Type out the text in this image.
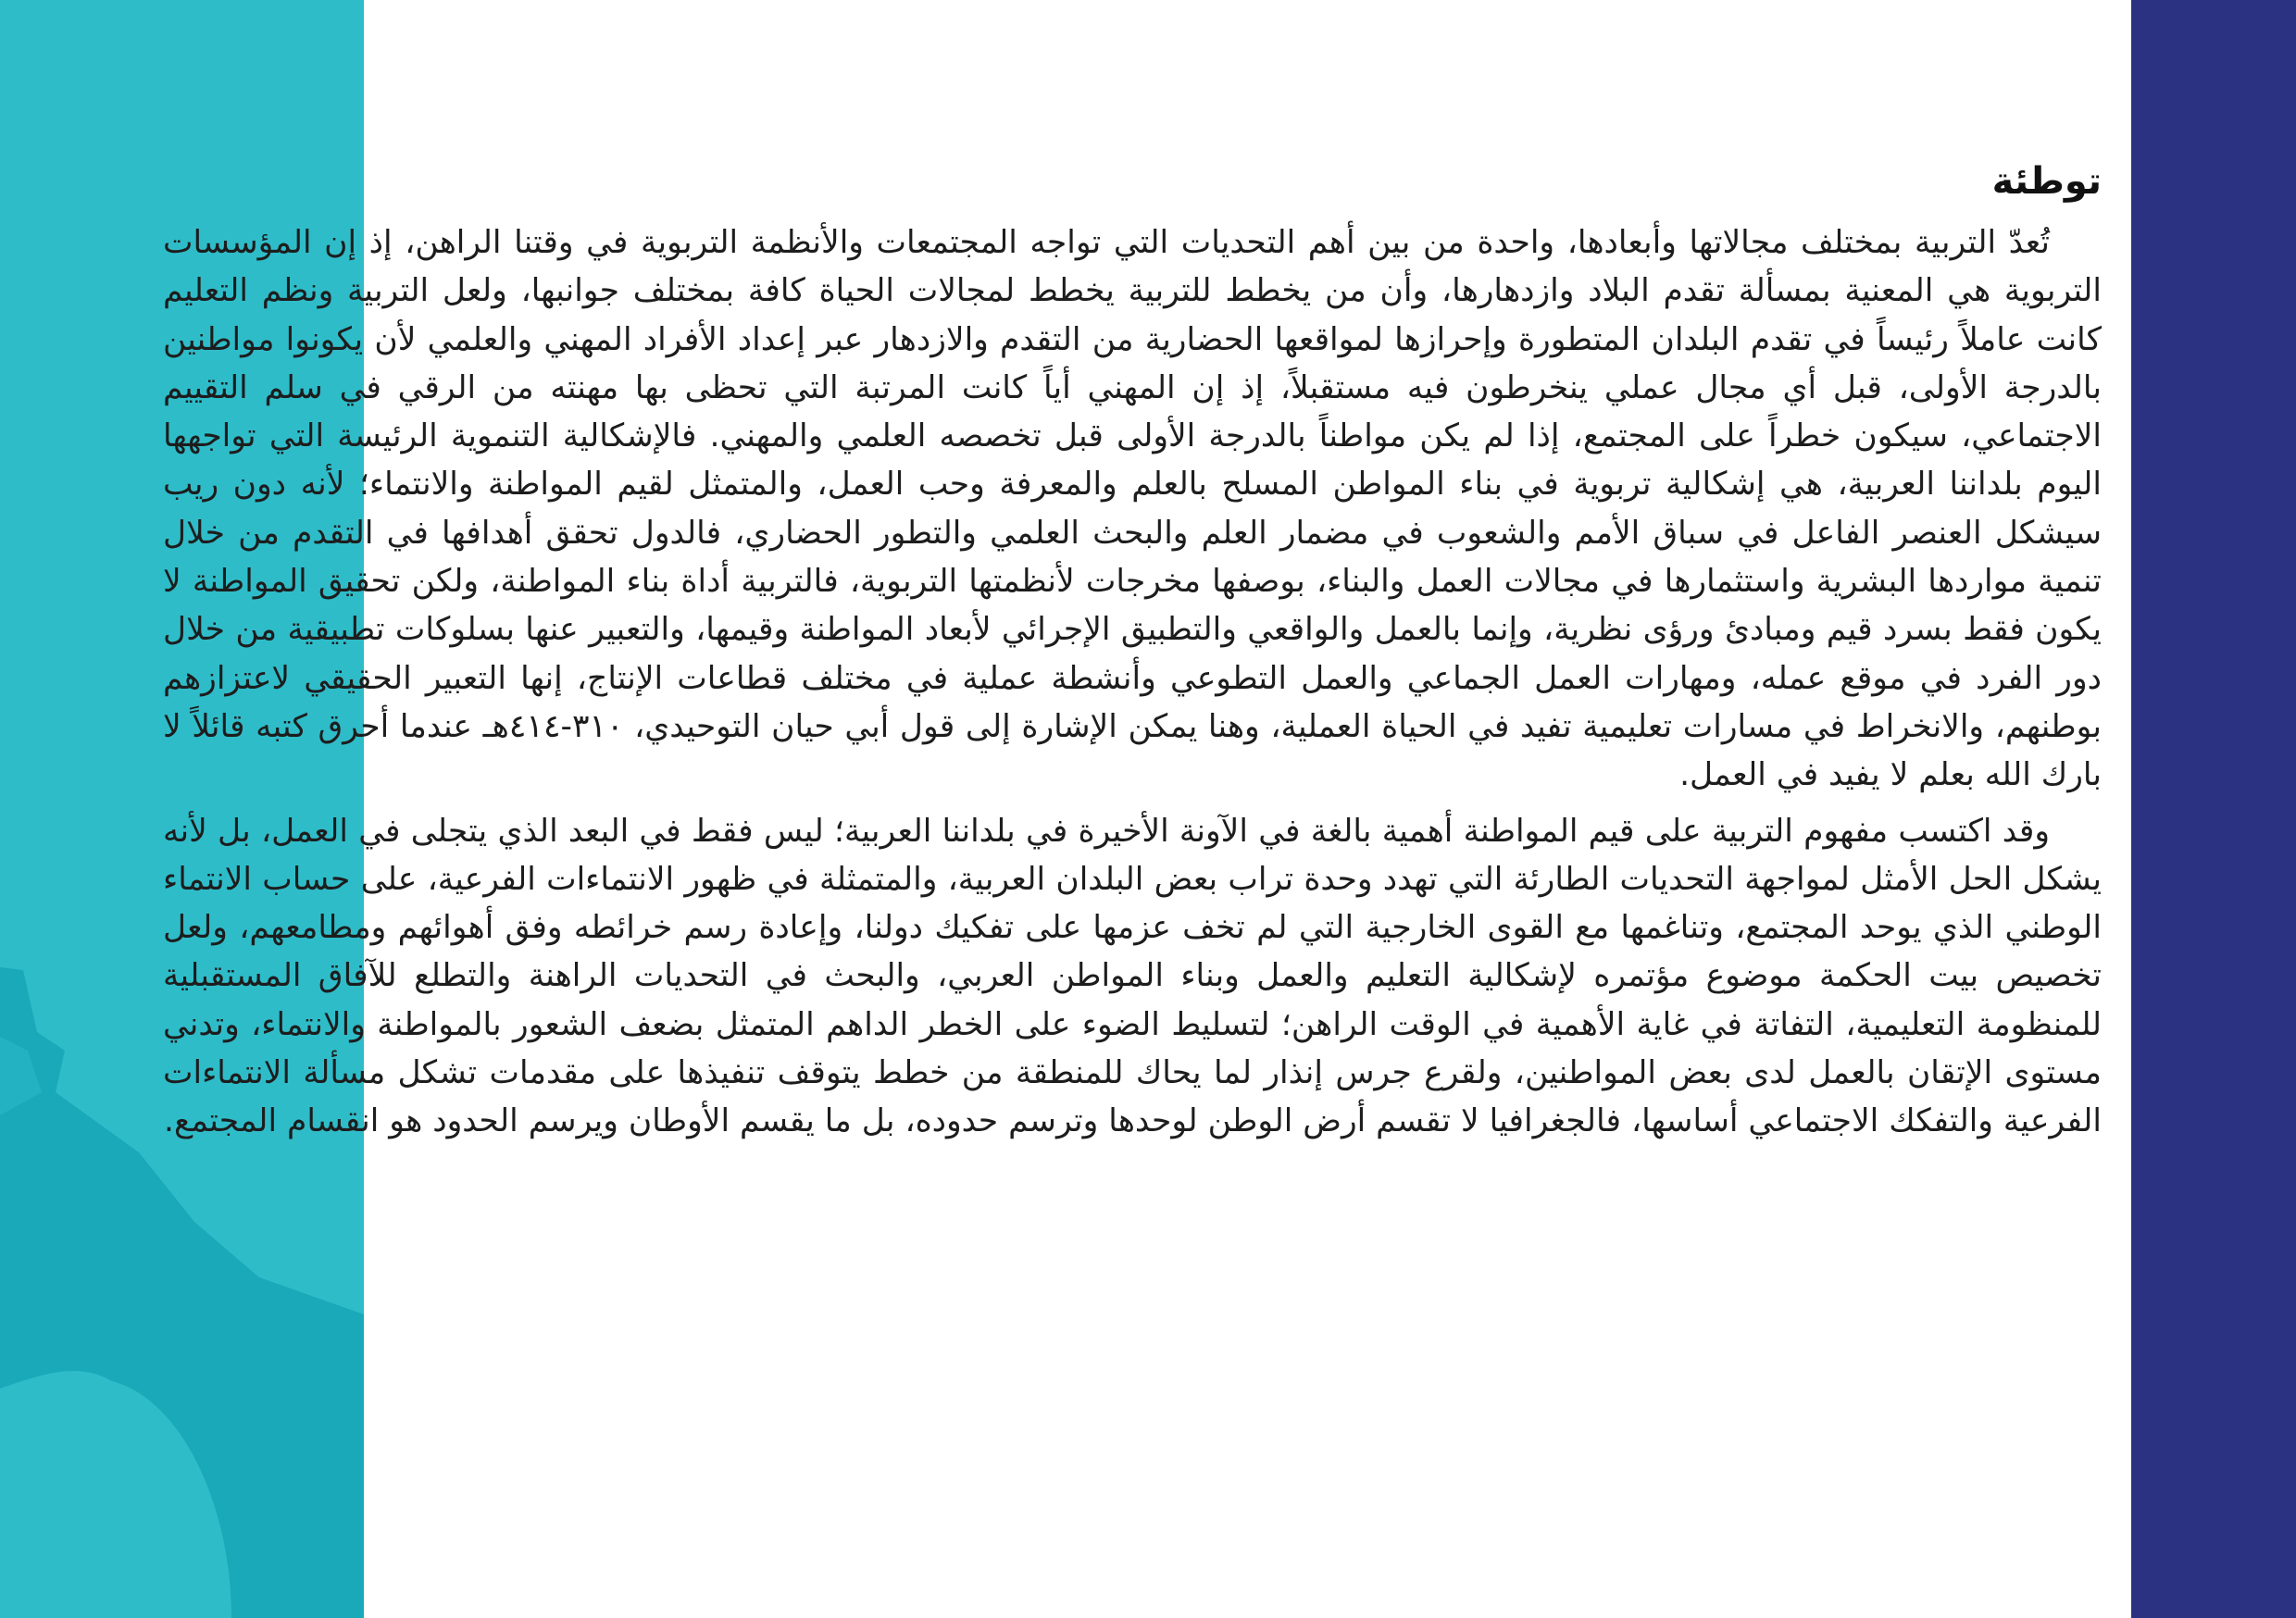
توطئة

تُعدّ التربية بمختلف مجالاتها وأبعادها، واحدة من بين أهم التحديات التي تواجه المجتمعات والأنظمة التربوية في وقتنا الراهن، إذ إن المؤسسات التربوية هي المعنية بمسألة تقدم البلاد وازدهارها، وأن من يخطط للتربية يخطط لمجالات الحياة كافة بمختلف جوانبها، ولعل التربية ونظم التعليم كانت عاملاً رئيساً في تقدم البلدان المتطورة وإحرازها لمواقعها الحضارية من التقدم والازدهار عبر إعداد الأفراد المهني والعلمي لأن يكونوا مواطنين بالدرجة الأولى، قبل أي مجال عملي ينخرطون فيه مستقبلاً، إذ إن المهني أياً كانت المرتبة التي تحظى بها مهنته من الرقي في سلم التقييم الاجتماعي، سيكون خطراً على المجتمع، إذا لم يكن مواطناً بالدرجة الأولى قبل تخصصه العلمي والمهني. فالإشكالية التنموية الرئيسة التي تواجهها اليوم بلداننا العربية، هي إشكالية تربوية في بناء المواطن المسلح بالعلم والمعرفة وحب العمل، والمتمثل لقيم المواطنة والانتماء؛ لأنه دون ريب سيشكل العنصر الفاعل في سباق الأمم والشعوب في مضمار العلم والبحث العلمي والتطور الحضاري، فالدول تحقق أهدافها في التقدم من خلال تنمية مواردها البشرية واستثمارها في مجالات العمل والبناء، بوصفها مخرجات لأنظمتها التربوية، فالتربية أداة بناء المواطنة، ولكن تحقيق المواطنة لا يكون فقط بسرد قيم ومبادئ ورؤى نظرية، وإنما بالعمل والواقعي والتطبيق الإجرائي لأبعاد المواطنة وقيمها، والتعبير عنها بسلوكات تطبيقية من خلال دور الفرد في موقع عمله، ومهارات العمل الجماعي والعمل التطوعي وأنشطة عملية في مختلف قطاعات الإنتاج، إنها التعبير الحقيقي لاعتزازهم بوطنهم، والانخراط في مسارات تعليمية تفيد في الحياة العملية، وهنا يمكن الإشارة إلى قول أبي حيان التوحيدي، ٣١٠-٤١٤هـ عندما أحرق كتبه قائلاً لا بارك الله بعلم لا يفيد في العمل.

وقد اكتسب مفهوم التربية على قيم المواطنة أهمية بالغة في الآونة الأخيرة في بلداننا العربية؛ ليس فقط في البعد الذي يتجلى في العمل، بل لأنه يشكل الحل الأمثل لمواجهة التحديات الطارئة التي تهدد وحدة تراب بعض البلدان العربية، والمتمثلة في ظهور الانتماءات الفرعية، على حساب الانتماء الوطني الذي يوحد المجتمع، وتناغمها مع القوى الخارجية التي لم تخف عزمها على تفكيك دولنا، وإعادة رسم خرائطه وفق أهوائهم ومطامعهم، ولعل تخصيص بيت الحكمة موضوع مؤتمره لإشكالية التعليم والعمل وبناء المواطن العربي، والبحث في التحديات الراهنة والتطلع للآفاق المستقبلية للمنظومة التعليمية، التفاتة في غاية الأهمية في الوقت الراهن؛ لتسليط الضوء على الخطر الداهم المتمثل بضعف الشعور بالمواطنة والانتماء، وتدني مستوى الإتقان بالعمل لدى بعض المواطنين، ولقرع جرس إنذار لما يحاك للمنطقة من خطط يتوقف تنفيذها على مقدمات تشكل مسألة الانتماءات الفرعية والتفكك الاجتماعي أساسها، فالجغرافيا لا تقسم أرض الوطن لوحدها وترسم حدوده، بل ما يقسم الأوطان ويرسم الحدود هو انقسام المجتمع.
